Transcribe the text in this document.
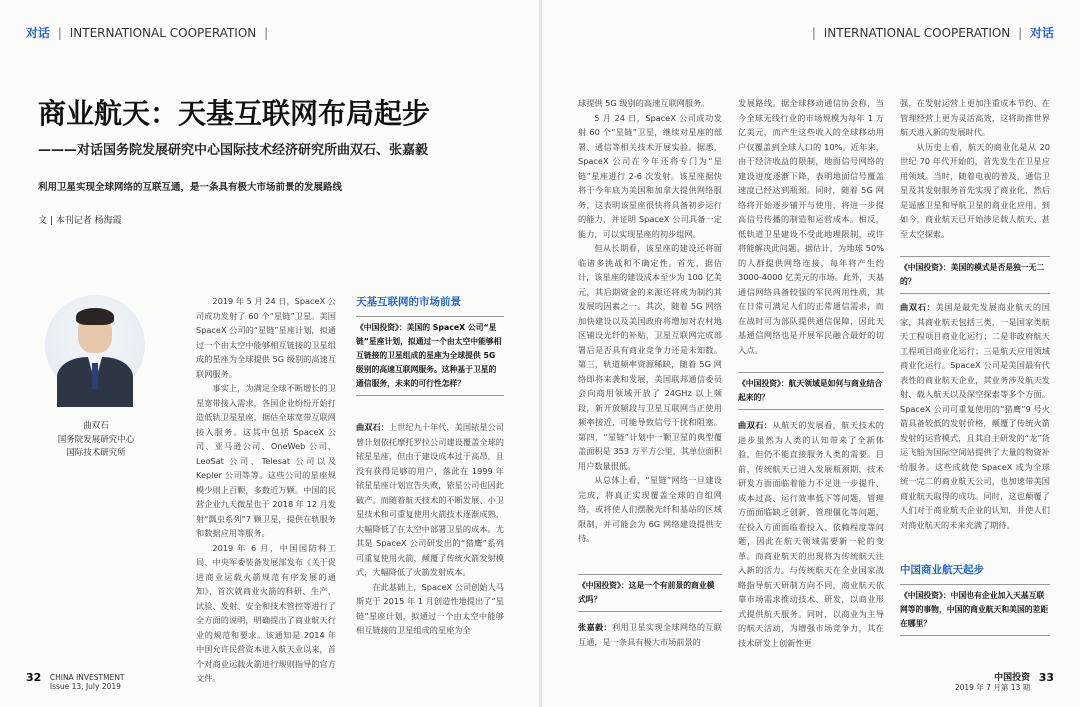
对话 | INTERNATIONAL COOPERATION |	| INTERNATIONAL COOPERATION | 对话
商业航天：天基互联网布局起步
———对话国务院发展研究中心国际技术经济研究所曲双石、张嘉毅
利用卫星实现全球网络的互联互通，是一条具有极大市场前景的发展路线
文 | 本刊记者 杨海霞
曲双石
国务院发展研究中心
国际技术研究所

2019 年 5 月 24 日，SpaceX 公司成功发射了 60 个“星链”卫星。美国 SpaceX 公司的“星链”星座计划，拟通过一个由太空中能够相互链接的卫星组成的星座为全球提供 5G 级别的高速互联网服务。

事实上，为满足全球不断增长的卫星宽带接入需求，各国企业纷纷开始打造低轨卫星星座，据估全球宽带互联网接入服务。这其中包括 SpaceX 公司、亚马逊公司、OneWeb 公司、LeoSat 公司、Telesat 公司以及 Kepler 公司等等。这些公司的星座规模少则上百颗，多数近万颗。中国的民营企业九天微星也于 2018 年 12 月发射“瓢虫系列”7 颗卫星，提供在轨服务和数据应用等服务。

2019 年 6 月，中国国防科工局、中央军委装备发展部发布《关于促进商业运载火箭规范有序发展的通知》，首次就商业火箭的科研、生产、试验、发射、安全和技术管控等进行了全方面的说明，明确提出了商业航天行业的规范和要求。该通知是 2014 年中国允许民营资本进入航天业以来，首个对商业运载火箭进行规则指导的官方文件。

天基互联网的市场前景
《中国投资》：美国的 SpaceX 公司“星链”星座计划，拟通过一个由太空中能够相互链接的卫星组成的星座为全球提供 5G 级别的高速互联网服务。这种基于卫星的通信服务，未来的可行性怎样？

曲双石：上世纪九十年代，美国铱星公司曾计划依托摩托罗拉公司建设覆盖全球的铱星星座，但由于建设成本过于高昂，且没有获得足够的用户，落此在 1999 年铱星星座计划宣告失败，铱星公司也因此破产。而随着航天技术的不断发展、小卫星技术和可重复使用火箭技术逐渐成熟，大幅降低了在太空中部署卫星的成本。尤其是 SpaceX 公司研发出的“猎鹰”系列可重复使用火箭，颠覆了传统火箭发射模式，大幅降低了火箭发射成本。

在此基础上，SpaceX 公司创始人马斯克于 2015 年 1 月创造性地提出了“星链”星座计划，拟通过一个由太空中能够相互链接的卫星组成的星座为全

球提供 5G 级别的高速互联网服务。

5 月 24 日，SpaceX 公司成功发射 60 个“星链”卫星，继续对星座的部署、通信等相关技术开展实验。据悉，SpaceX 公司在今年还将专门为“星链”星座进行 2-6 次发射。该星座据快将于今年底为美国和加拿大提供网络服务，这表明该星座很快将具备初步运行的能力，并证明 SpaceX 公司具备一定能力，可以实现星座的初步组网。

但从长期看，该星座的建设还将面临诸多挑战和不确定性。首先，据估计，该星座的建设成本至少为 100 亿美元，其后期资金的来源还将成为制约其发展的因素之一。其次，随着 5G 网络加快建设以及美国政府将增加对农村地区铺设光纤的补贴，卫星互联网完成部署后是否具有商业竞争力还是未知数。第三，轨道频率资源稀缺，随着 5G 网络即将来袭和发展，美国联邦通信委员会向商用领域开放了 24GHz 以上频段，新开放频段与卫星互联网当正使用频率接近，可能导致信号干扰和阻塞。第四，“星链”计划中一颗卫星的典型覆盖面积是 353 万平方公里，其单位面积用户数量很低。

从总体上看，“星链”网络一旦建设完成，将真正实现覆盖全球的自组网络，或将使人们摆脱光纤和基站的区域限制，并可能会为 6G 网络建设提供支持。

《中国投资》：这是一个有前景的商业模式吗？

张嘉毅：利用卫星实现全球网络的互联互通，是一条具有极大市场前景的

发展路线。据全球移动通信协会称，当今全球无线行业的市场规模为每年 1 万亿美元，而产生这些收入的全球移动用户仅覆盖到全球人口的 10%。近年来，由于经济收益的限制，地面信号网络的建设进度逐渐下降，表明地面信号覆盖速度已经达到瓶颈。同时，随着 5G 网络将开始逐步铺开与使用，将进一步提高信号传播的制造和运营成本。相反，低轨道卫星建设不受此地理限制，或许将能解决此问题。据估计，为地球 50% 的人群提供网络连接，每年将产生约 3000-4000 亿美元的市场。此外，天基通信网络具备较强的军民两用性质，其在日常可满足人们的正常通信需求，而在战时可为部队提供通信保障，因此天基通信网络也是开展军民融合最好的切入点。

《中国投资》：航天领域是如何与商业结合起来的？

曲双石：从航天的发展看，航天技术的进步虽然为人类的认知带来了全新体验，但仍不能直接服务人类的需要。目前，传统航天已进入发展瓶颈期，技术研发方面面临着能力不足进一步提升、成本过高、运行效率低下等问题，管理方面面临缺乏创新、管理僵化等问题，在投入方面面临着投入、依赖程度等问题，因此在航天领域需要新一轮的变革。而商业航天的出现将为传统航天注入新的活力。与传统航天在全业国家战略指导航天研制方向不同，商业航天依靠市场需求推动技术、研发，以商业形式提供航天服务。同时，以商业为主导的航天活动，为增强市场竞争力，其在技术研发上创新性更

强，在发射运营上更加注重成本节约、在管理经营上更为灵活高效，这将助推世界航天进入新的发展时代。

从历史上看，航天的商业化是从 20 世纪 70 年代开始的，首先发生在卫星应用领域。当时，随着电视的普及，通信卫星及其发射服务首先实现了商业化，然后是遥感卫星和导航卫星的商业化应用。到如今，商业航天已开始涉足载人航天、甚至太空探索。

《中国投资》：美国的模式是否是独一无二的？

曲双石：美国是最先发展商业航天的国家，其商业航天包括三类，一是国家类航天工程项目商业化运行；二是非政府航天工程项目商业化运行；三是航天应用领域商业化运行。SpaceX 公司是美国最有代表性的商业航天企业，其业务涉及航天发射、载人航天以及深空探索等多个方面。SpaceX 公司可重复使用的“猎鹰”9 号火箭具备较低的发射价格，颠覆了传统火箭发射的运营模式，且其自主研发的“龙”货运飞船为国际空间站提供了大量的物资补给服务。这些成就使 SpaceX 成为全球统一完二的商业航天公司，也加速带美国商业航天取得的成功。同时，这也颠覆了人们对于商业航天企业的认知，并使人们对商业航天的未来充满了期待。

中国商业航天起步
《中国投资》：中国也有企业加入天基互联网等的事物，中国的商业航天和美国的差距在哪里？
32 CHINA INVESTMENT
Issue 13, July 2019
中国投资
2019 年 7 月第 13 期 33
